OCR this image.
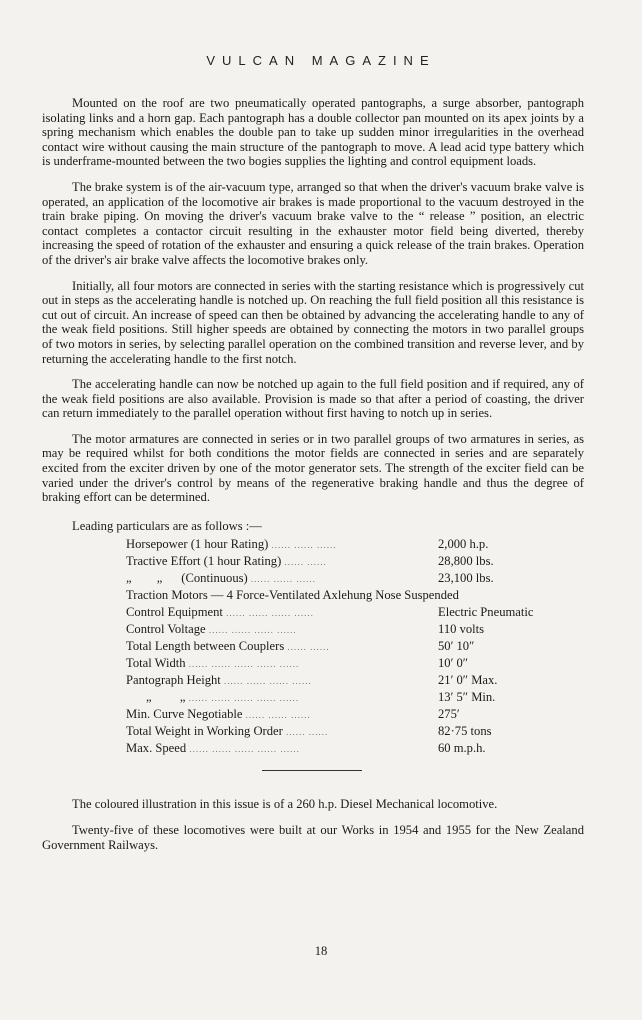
VULCAN MAGAZINE

Mounted on the roof are two pneumatically operated pantographs, a surge absorber, pantograph isolating links and a horn gap. Each pantograph has a double collector pan mounted on its apex joints by a spring mechanism which enables the double pan to take up sudden minor irregularities in the overhead contact wire without causing the main structure of the pantograph to move. A lead acid type battery which is underframe-mounted between the two bogies supplies the lighting and control equipment loads.

The brake system is of the air-vacuum type, arranged so that when the driver's vacuum brake valve is operated, an application of the locomotive air brakes is made proportional to the vacuum destroyed in the train brake piping. On moving the driver's vacuum brake valve to the “ release ” position, an electric contact completes a contactor circuit resulting in the exhauster motor field being diverted, thereby increasing the speed of rotation of the exhauster and ensuring a quick release of the train brakes. Operation of the driver's air brake valve affects the locomotive brakes only.

Initially, all four motors are connected in series with the starting resistance which is progressively cut out in steps as the accelerating handle is notched up. On reaching the full field position all this resistance is cut out of circuit. An increase of speed can then be obtained by advancing the accelerating handle to any of the weak field positions. Still higher speeds are obtained by connecting the motors in two parallel groups of two motors in series, by selecting parallel operation on the combined transition and reverse lever, and by returning the accelerating handle to the first notch.

The accelerating handle can now be notched up again to the full field position and if required, any of the weak field positions are also available. Provision is made so that after a period of coasting, the driver can return immediately to the parallel operation without first having to notch up in series.

The motor armatures are connected in series or in two parallel groups of two armatures in series, as may be required whilst for both conditions the motor fields are connected in series and are separately excited from the exciter driven by one of the motor generator sets. The strength of the exciter field can be varied under the driver's control by means of the regenerative braking handle and thus the degree of braking effort can be determined.

Leading particulars are as follows :—
Horsepower (1 hour Rating) ...... ...... ......	2,000 h.p.
Tractive Effort (1 hour Rating) ...... ......	28,800 lbs.
„        „      (Continuous) ...... ...... ......	23,100 lbs.
Traction Motors — 4 Force-Ventilated Axlehung Nose Suspended	
Control Equipment ...... ...... ...... ......	Electric Pneumatic
Control Voltage ...... ...... ...... ......	110 volts
Total Length between Couplers ...... ......	50′ 10″
Total Width ...... ...... ...... ...... ......	10′ 0″
Pantograph Height ...... ...... ...... ......	21′ 0″ Max.
„         „ ...... ...... ...... ...... ......	13′ 5″ Min.
Min. Curve Negotiable ...... ...... ......	275′
Total Weight in Working Order ...... ......	82·75 tons
Max. Speed ...... ...... ...... ...... ......	60 m.p.h.

The coloured illustration in this issue is of a 260 h.p. Diesel Mechanical locomotive.

Twenty-five of these locomotives were built at our Works in 1954 and 1955 for the New Zealand Government Railways.

18
